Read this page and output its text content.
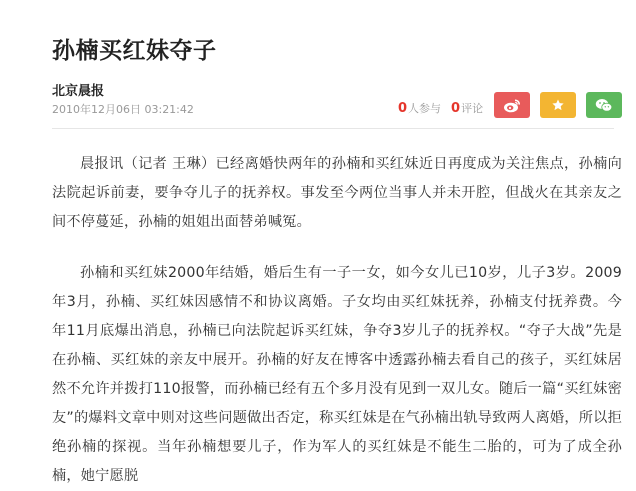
孙楠买红妹夺子
北京晨报
2010年12月06日 03:21:42	0人参与 0评论

晨报讯（记者 王琳）已经离婚快两年的孙楠和买红妹近日再度成为关注焦点，孙楠向法院起诉前妻，要争夺儿子的抚养权。事发至今两位当事人并未开腔，但战火在其亲友之间不停蔓延，孙楠的姐姐出面替弟喊冤。

孙楠和买红妹2000年结婚，婚后生有一子一女，如今女儿已10岁，儿子3岁。2009年3月，孙楠、买红妹因感情不和协议离婚。子女均由买红妹抚养，孙楠支付抚养费。今年11月底爆出消息，孙楠已向法院起诉买红妹，争夺3岁儿子的抚养权。“夺子大战”先是在孙楠、买红妹的亲友中展开。孙楠的好友在博客中透露孙楠去看自己的孩子，买红妹居然不允许并拨打110报警，而孙楠已经有五个多月没有见到一双儿女。随后一篇“买红妹密友”的爆料文章中则对这些问题做出否定，称买红妹是在气孙楠出轨导致两人离婚，所以拒绝孙楠的探视。当年孙楠想要儿子，作为军人的买红妹是不能生二胎的，可为了成全孙楠，她宁愿脱
